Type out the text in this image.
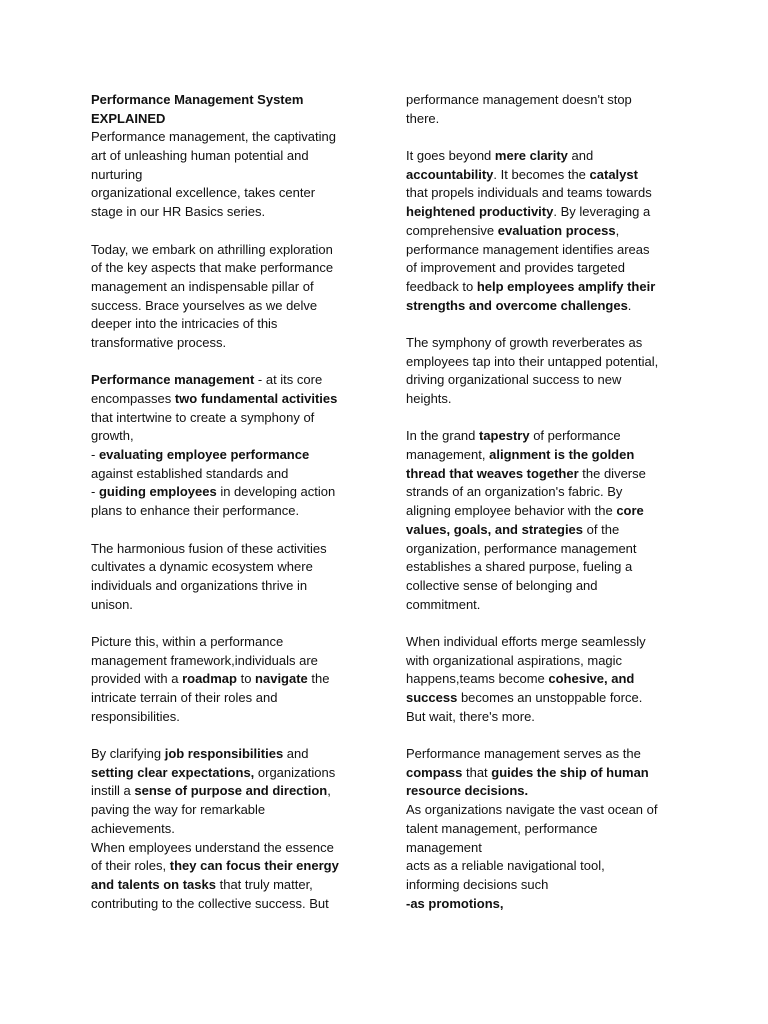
Performance Management System
EXPLAINED
Performance management, the captivating
art of unleashing human potential and
nurturing
organizational excellence, takes center
stage in our HR Basics series.
Today, we embark on athrilling exploration
of the key aspects that make performance
management an indispensable pillar of
success. Brace yourselves as we delve
deeper into the intricacies of this
transformative process.
Performance management - at its core
encompasses two fundamental activities
that intertwine to create a symphony of
growth,
- evaluating employee performance
against established standards and
- guiding employees in developing action
plans to enhance their performance.
The harmonious fusion of these activities
cultivates a dynamic ecosystem where
individuals and organizations thrive in
unison.
Picture this, within a performance
management framework,individuals are
provided with a roadmap to navigate the
intricate terrain of their roles and
responsibilities.
By clarifying job responsibilities and
setting clear expectations, organizations
instill a sense of purpose and direction,
paving the way for remarkable
achievements.
When employees understand the essence
of their roles, they can focus their energy
and talents on tasks that truly matter,
contributing to the collective success. But
performance management doesn't stop
there.
It goes beyond mere clarity and
accountability. It becomes the catalyst
that propels individuals and teams towards
heightened productivity. By leveraging a
comprehensive evaluation process,
performance management identifies areas
of improvement and provides targeted
feedback to help employees amplify their
strengths and overcome challenges.
The symphony of growth reverberates as
employees tap into their untapped potential,
driving organizational success to new
heights.
In the grand tapestry of performance
management, alignment is the golden
thread that weaves together the diverse
strands of an organization's fabric. By
aligning employee behavior with the core
values, goals, and strategies of the
organization, performance management
establishes a shared purpose, fueling a
collective sense of belonging and
commitment.
When individual efforts merge seamlessly
with organizational aspirations, magic
happens,teams become cohesive, and
success becomes an unstoppable force.
But wait, there's more.
Performance management serves as the
compass that guides the ship of human
resource decisions.
As organizations navigate the vast ocean of
talent management, performance
management
acts as a reliable navigational tool,
informing decisions such
-as promotions,
